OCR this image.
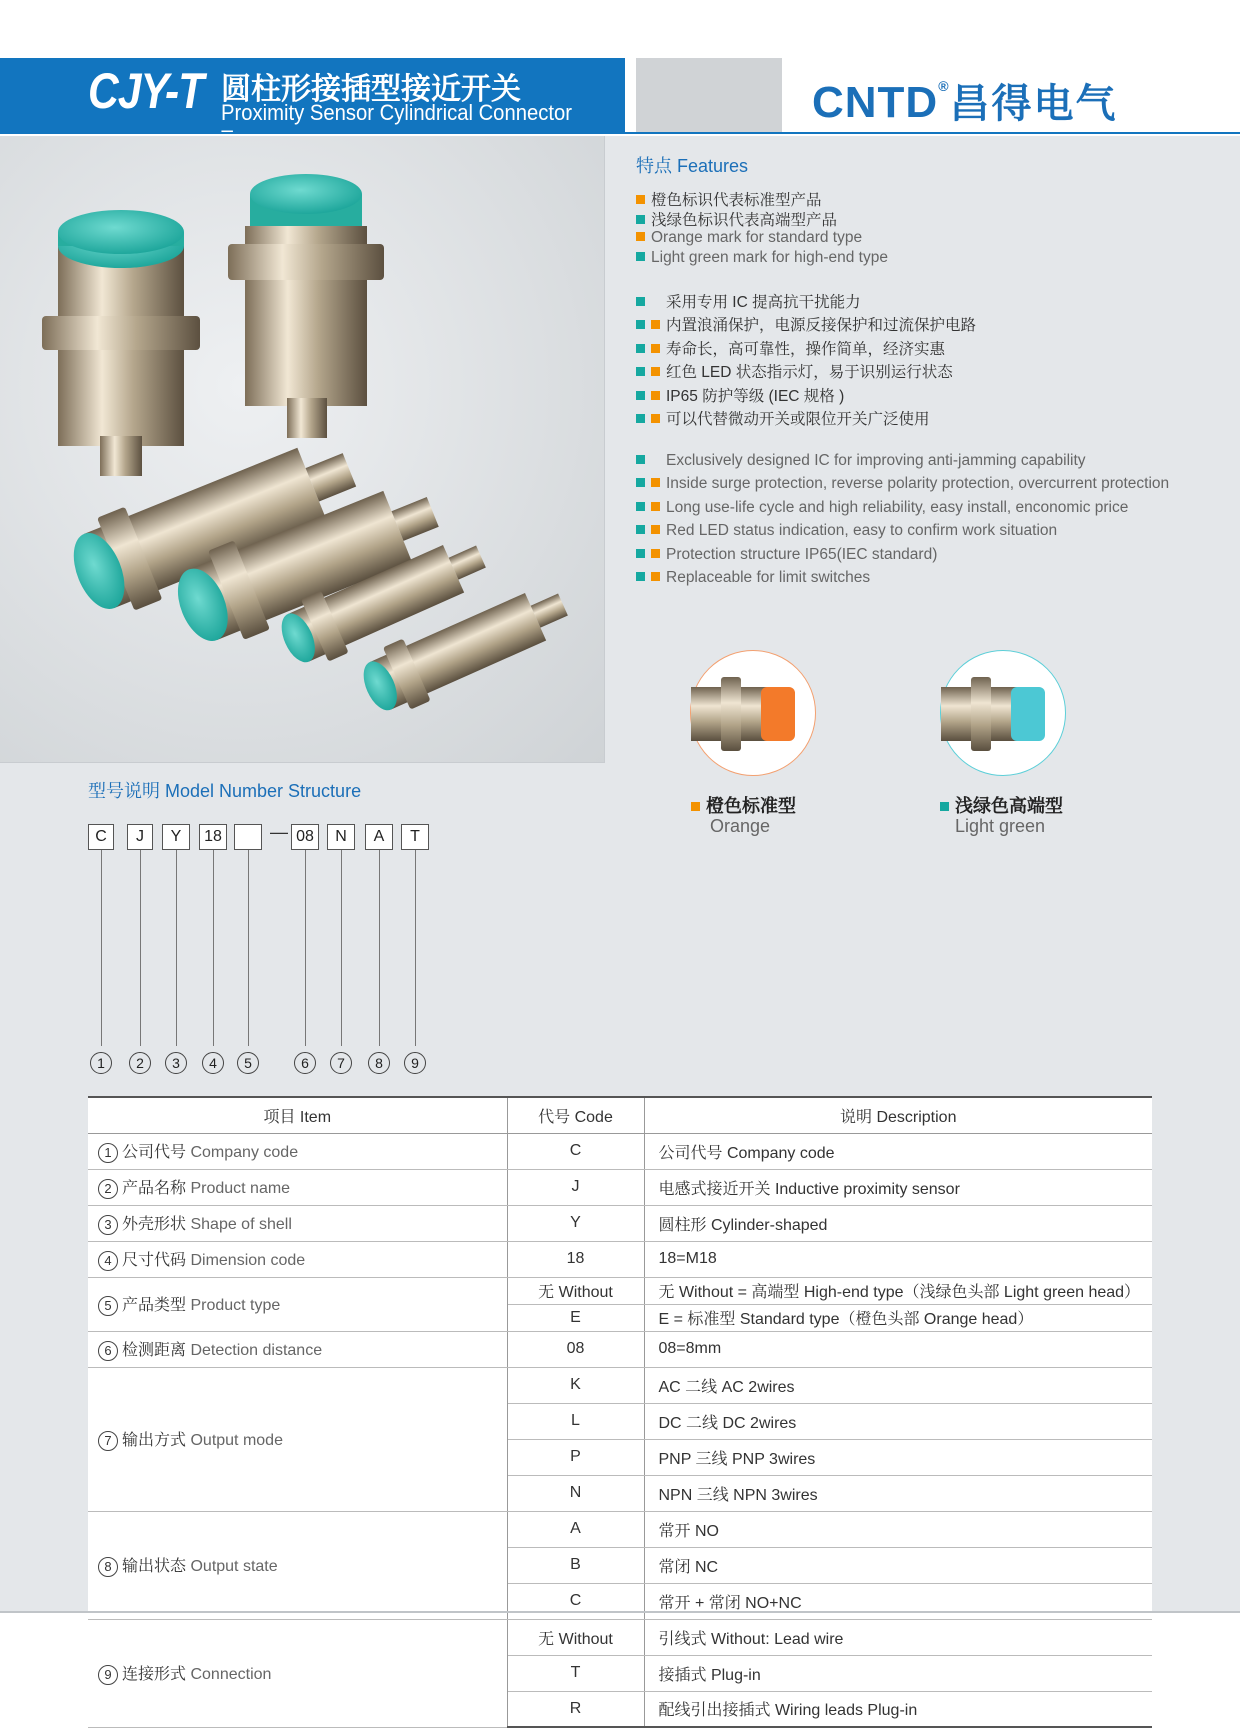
CJY-T 圆柱形接插型接近开关
Proximity Sensor Cylindrical Connector	CNTD®昌得电气
特点 Features
橙色标识代表标准型产品
浅绿色标识代表高端型产品
Orange mark for standard type
Light green mark for high-end type
采用专用 IC 提高抗干扰能力
内置浪涌保护，电源反接保护和过流保护电路
寿命长，高可靠性，操作简单，经济实惠
红色 LED 状态指示灯，易于识别运行状态
IP65 防护等级 (IEC 规格 )
可以代替微动开关或限位开关广泛使用
Exclusively designed IC for improving anti-jamming capability
Inside surge protection, reverse polarity protection, overcurrent protection
Long use-life cycle and high reliability, easy install, enconomic price
Red LED status indication, easy to confirm work situation
Protection structure IP65(IEC standard)
Replaceable for limit switches
橙色标准型
Orange
浅绿色高端型
Light green
型号说明 Model Number Structure
C
1
J
2
Y
3
18
4	5
08
6
N
7
A
8
T
9
—
项目 Item	代号 Code	说明 Description
1 公司代号 Company code	C	公司代号 Company code
2 产品名称 Product name	J	电感式接近开关 Inductive proximity sensor
3 外壳形状 Shape of shell	Y	圆柱形 Cylinder-shaped
4 尺寸代码 Dimension code	18	18=M18
5 产品类型 Product type	无 Without	无 Without = 高端型 High-end type（浅绿色头部 Light green head）
	E	E = 标准型 Standard type（橙色头部 Orange head）
6 检测距离 Detection distance	08	08=8mm
7 输出方式 Output mode	K	AC 二线 AC 2wires
	L	DC 二线 DC 2wires
	P	PNP 三线 PNP 3wires
	N	NPN 三线 NPN 3wires
8 输出状态 Output state	A	常开 NO
	B	常闭 NC
	C	常开 + 常闭 NO+NC
9 连接形式 Connection	无 Without	引线式 Without: Lead wire
	T	接插式 Plug-in
	R	配线引出接插式 Wiring leads Plug-in
